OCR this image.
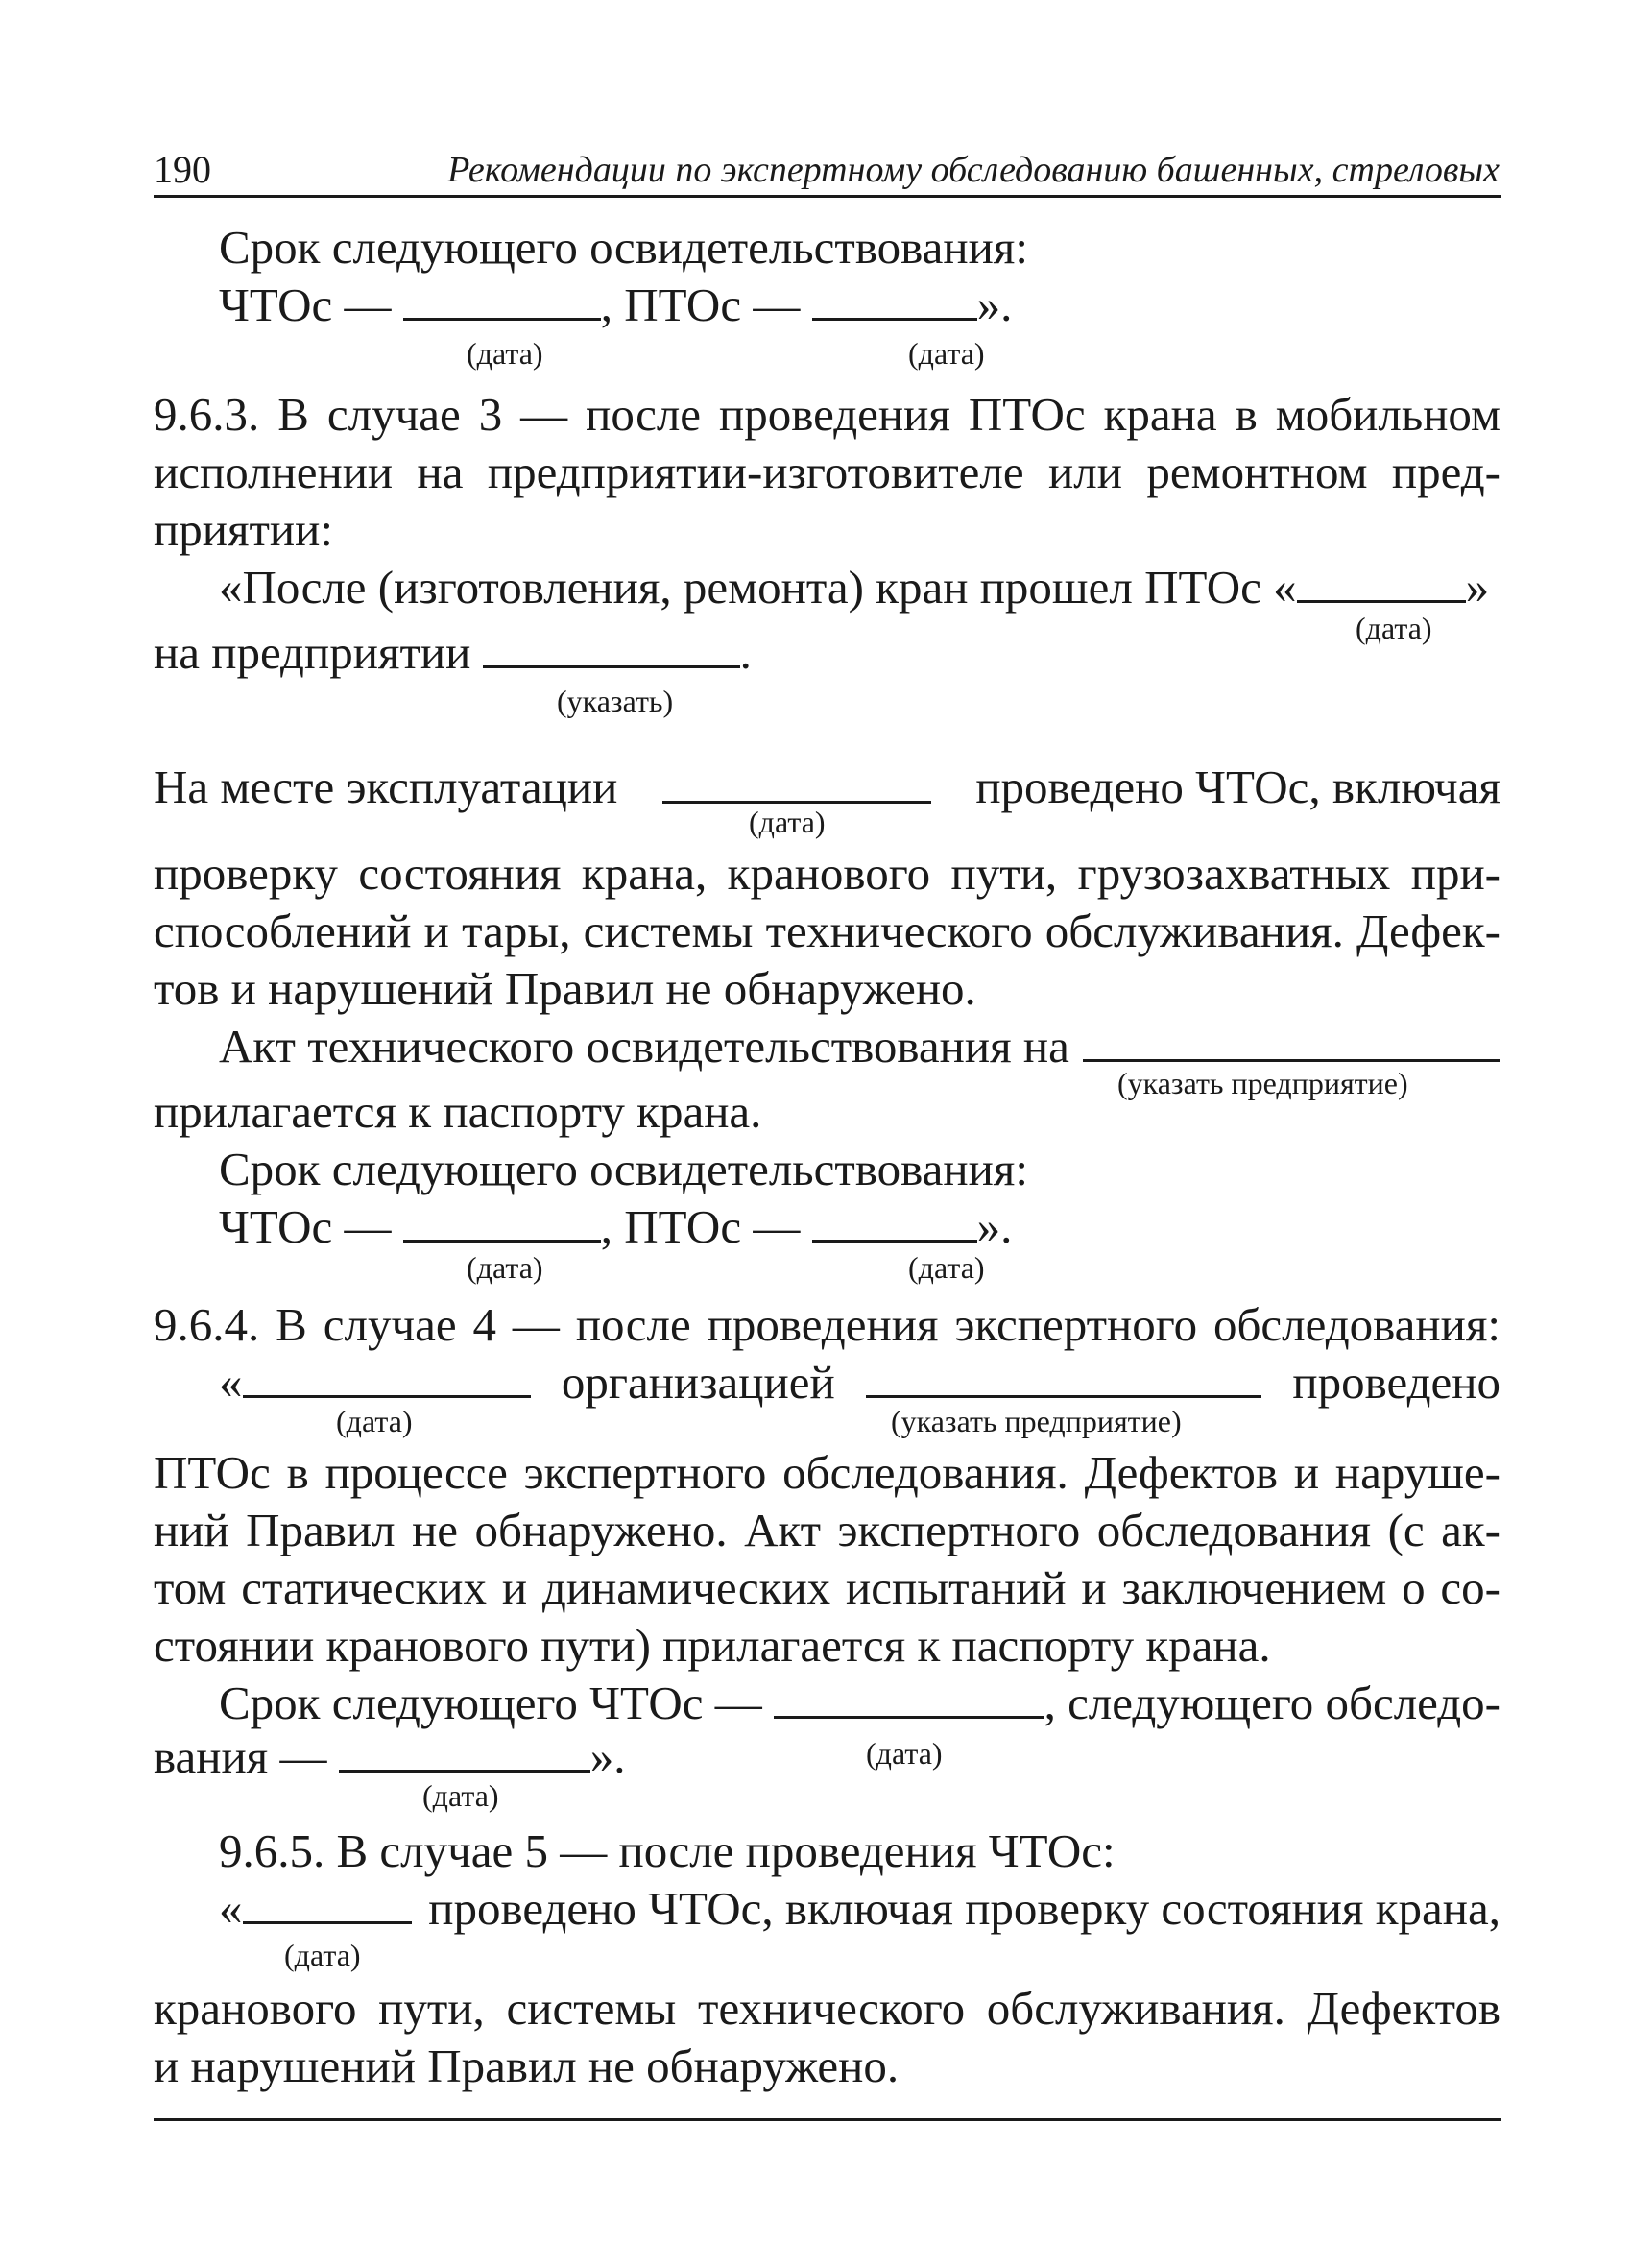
190	Рекомендации по экспертному обследованию башенных, стреловых
Срок следующего освидетельствования:
ЧТОс —	, ПТОс —	».
(дата)	(дата)
9.6.3. В случае 3 — после проведения ПТОс крана в мобильном
исполнении на предприятии-изготовителе или ремонтном пред-
приятии:
«После (изготовления, ремонта) кран прошел ПТОс «	»
(дата)
на предприятии	.
(указать)
На месте эксплуатации	проведено ЧТОс, включая
(дата)
проверку состояния крана, кранового пути, грузозахватных при-
способлений и тары, системы технического обслуживания. Дефек-
тов и нарушений Правил не обнаружено.
Акт технического освидетельствования на
(указать предприятие)
прилагается к паспорту крана.
Срок следующего освидетельствования:
ЧТОс —	, ПТОс —	».
(дата)	(дата)
9.6.4. В случае 4 — после проведения экспертного обследования:
«	организацией	проведено
(дата)	(указать предприятие)
ПТОс в процессе экспертного обследования. Дефектов и наруше-
ний Правил не обнаружено. Акт экспертного обследования (с ак-
том статических и динамических испытаний и заключением о со-
стоянии кранового пути) прилагается к паспорту крана.
Срок следующего ЧТОс —	, следующего обследо-
вания —	».	(дата)
(дата)
9.6.5. В случае 5 — после проведения ЧТОс:
«	проведено ЧТОс, включая проверку состояния крана,
(дата)
кранового пути, системы технического обслуживания. Дефектов
и нарушений Правил не обнаружено.
